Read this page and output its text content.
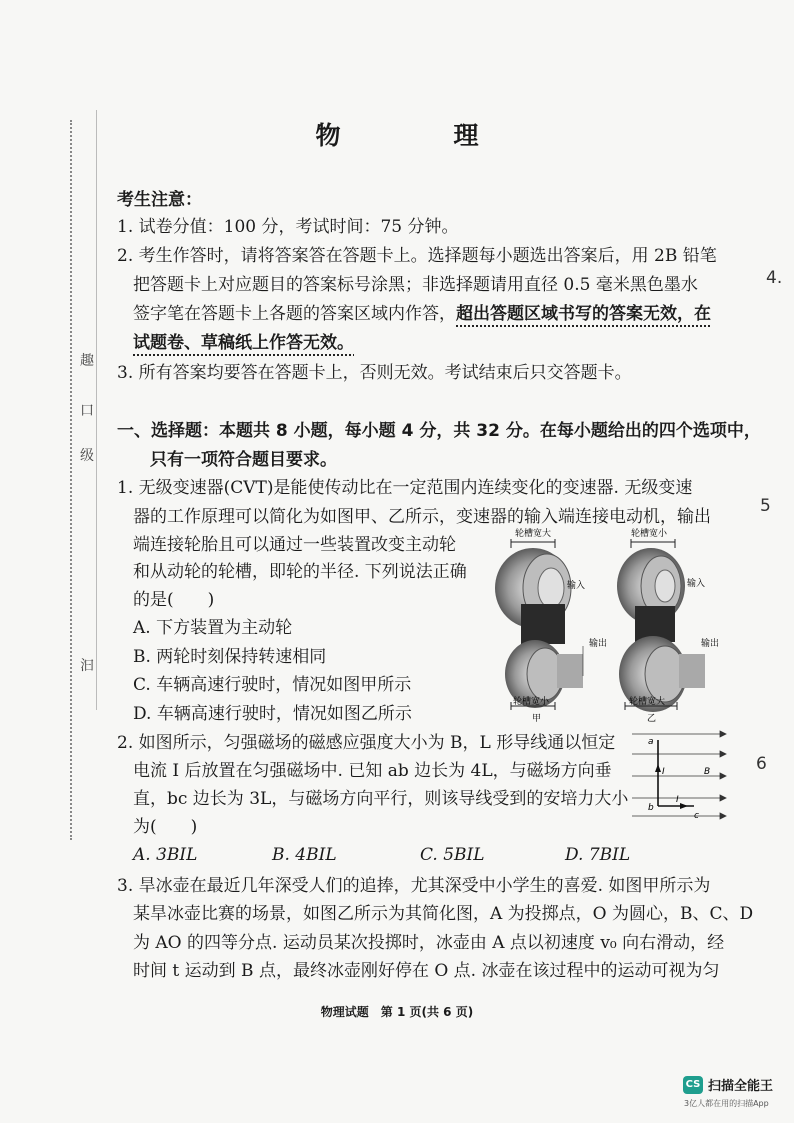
趣
口
级
汩
4.
5
6
物　理
考生注意：
1. 试卷分值：100 分，考试时间：75 分钟。
2. 考生作答时，请将答案答在答题卡上。选择题每小题选出答案后，用 2B 铅笔
把答题卡上对应题目的答案标号涂黑；非选择题请用直径 0.5 毫米黑色墨水
签字笔在答题卡上各题的答案区域内作答，超出答题区域书写的答案无效，在
试题卷、草稿纸上作答无效。
3. 所有答案均要答在答题卡上，否则无效。考试结束后只交答题卡。
一、选择题：本题共 8 小题，每小题 4 分，共 32 分。在每小题给出的四个选项中，
只有一项符合题目要求。
1. 无级变速器(CVT)是能使传动比在一定范围内连续变化的变速器. 无级变速
器的工作原理可以简化为如图甲、乙所示，变速器的输入端连接电动机，输出
端连接轮胎且可以通过一些装置改变主动轮
和从动轮的轮槽，即轮的半径. 下列说法正确
的是(　　)
A. 下方装置为主动轮
B. 两轮时刻保持转速相同
C. 车辆高速行驶时，情况如图甲所示
D. 车辆高速行驶时，情况如图乙所示
轮槽宽大
输入
输出
轮槽宽小
甲
轮槽宽小
输入
输出
轮槽宽大
乙
2. 如图所示，匀强磁场的磁感应强度大小为 B，L 形导线通以恒定
电流 I 后放置在匀强磁场中. 已知 ab 边长为 4L，与磁场方向垂
直，bc 边长为 3L，与磁场方向平行，则该导线受到的安培力大小
为(　　)
A. 3BIL	B. 4BIL	C. 5BIL	D. 7BIL
a
b
c
I
I
B
3. 旱冰壶在最近几年深受人们的追捧，尤其深受中小学生的喜爱. 如图甲所示为
某旱冰壶比赛的场景，如图乙所示为其简化图，A 为投掷点，O 为圆心，B、C、D
为 AO 的四等分点. 运动员某次投掷时，冰壶由 A 点以初速度 v₀ 向右滑动，经
时间 t 运动到 B 点，最终冰壶刚好停在 O 点. 冰壶在该过程中的运动可视为匀
物理试题　第 1 页(共 6 页)
CS 扫描全能王
3亿人都在用的扫描App
